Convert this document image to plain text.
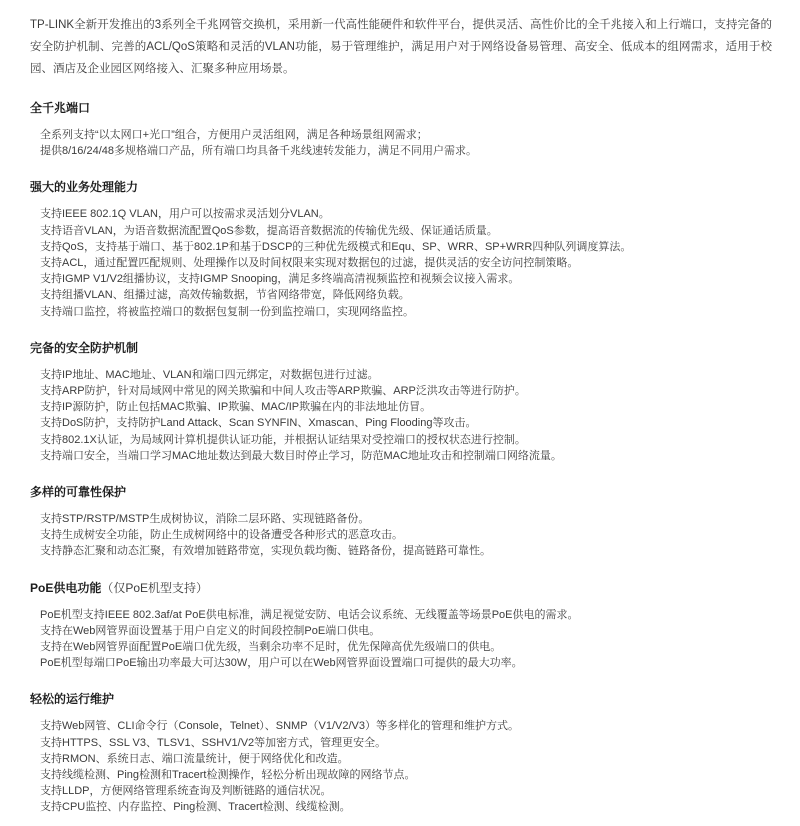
TP-LINK全新开发推出的3系列全千兆网管交换机，采用新一代高性能硬件和软件平台，提供灵活、高性价比的全千兆接入和上行端口，支持完备的安全防护机制、完善的ACL/QoS策略和灵活的VLAN功能，易于管理维护，满足用户对于网络设备易管理、高安全、低成本的组网需求，适用于校园、酒店及企业园区网络接入、汇聚多种应用场景。

全千兆端口

全系列支持“以太网口+光口”组合，方便用户灵活组网，满足各种场景组网需求；

提供8/16/24/48多规格端口产品，所有端口均具备千兆线速转发能力，满足不同用户需求。

强大的业务处理能力

支持IEEE 802.1Q VLAN，用户可以按需求灵活划分VLAN。

支持语音VLAN，为语音数据流配置QoS参数，提高语音数据流的传输优先级、保证通话质量。

支持QoS，支持基于端口、基于802.1P和基于DSCP的三种优先级模式和Equ、SP、WRR、SP+WRR四种队列调度算法。

支持ACL，通过配置匹配规则、处理操作以及时间权限来实现对数据包的过滤，提供灵活的安全访问控制策略。

支持IGMP V1/V2组播协议，支持IGMP Snooping，满足多终端高清视频监控和视频会议接入需求。

支持组播VLAN、组播过滤，高效传输数据，节省网络带宽，降低网络负载。

支持端口监控，将被监控端口的数据包复制一份到监控端口，实现网络监控。

完备的安全防护机制

支持IP地址、MAC地址、VLAN和端口四元绑定，对数据包进行过滤。

支持ARP防护，针对局域网中常见的网关欺骗和中间人攻击等ARP欺骗、ARP泛洪攻击等进行防护。

支持IP源防护，防止包括MAC欺骗、IP欺骗、MAC/IP欺骗在内的非法地址仿冒。

支持DoS防护，支持防护Land Attack、Scan SYNFIN、Xmascan、Ping Flooding等攻击。

支持802.1X认证，为局域网计算机提供认证功能，并根据认证结果对受控端口的授权状态进行控制。

支持端口安全，当端口学习MAC地址数达到最大数目时停止学习，防范MAC地址攻击和控制端口网络流量。

多样的可靠性保护

支持STP/RSTP/MSTP生成树协议，消除二层环路、实现链路备份。

支持生成树安全功能，防止生成树网络中的设备遭受各种形式的恶意攻击。

支持静态汇聚和动态汇聚，有效增加链路带宽，实现负载均衡、链路备份，提高链路可靠性。

PoE供电功能（仅PoE机型支持）

PoE机型支持IEEE 802.3af/at PoE供电标准，满足视觉安防、电话会议系统、无线覆盖等场景PoE供电的需求。

支持在Web网管界面设置基于用户自定义的时间段控制PoE端口供电。

支持在Web网管界面配置PoE端口优先级，当剩余功率不足时，优先保障高优先级端口的供电。

PoE机型每端口PoE输出功率最大可达30W，用户可以在Web网管界面设置端口可提供的最大功率。

轻松的运行维护

支持Web网管、CLI命令行（Console，Telnet）、SNMP（V1/V2/V3）等多样化的管理和维护方式。

支持HTTPS、SSL V3、TLSV1、SSHV1/V2等加密方式，管理更安全。

支持RMON、系统日志、端口流量统计，便于网络优化和改造。

支持线缆检测、Ping检测和Tracert检测操作，轻松分析出现故障的网络节点。

支持LLDP，方便网络管理系统查询及判断链路的通信状况。

支持CPU监控、内存监控、Ping检测、Tracert检测、线缆检测。
